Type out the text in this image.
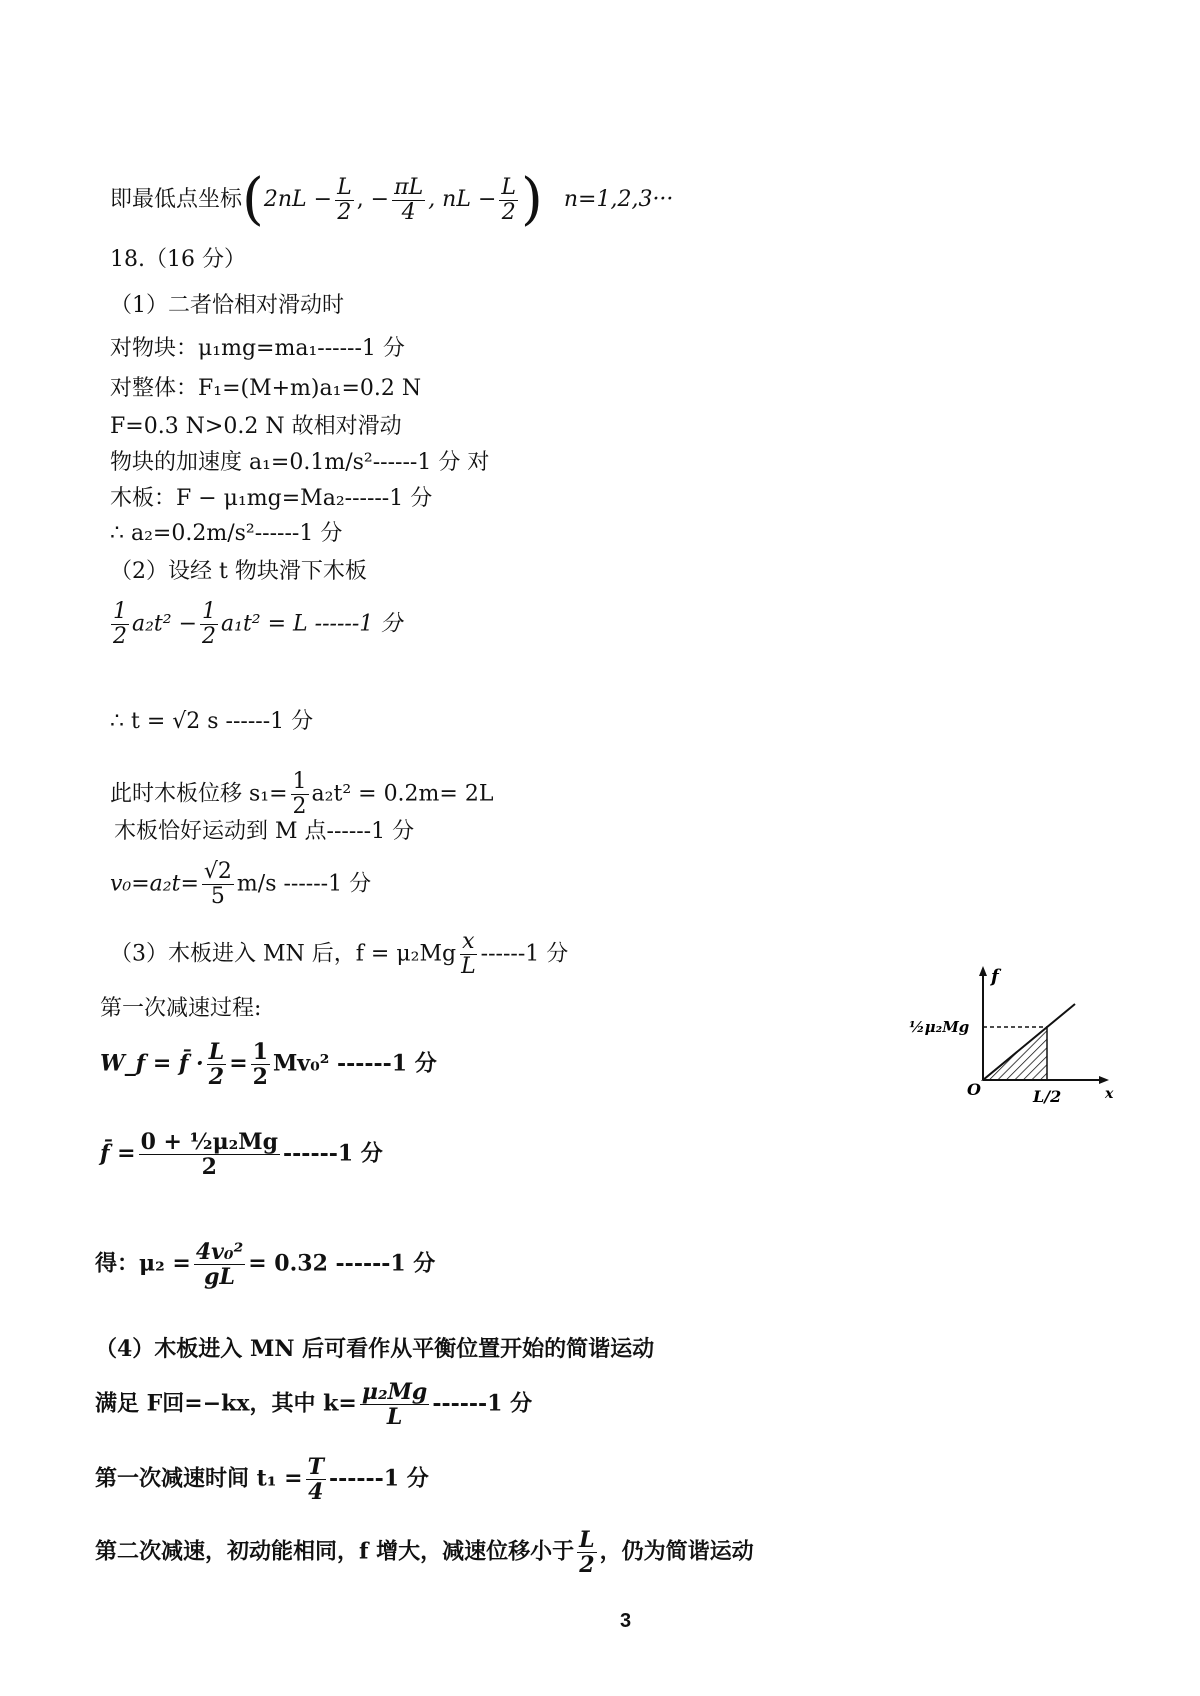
即最低点坐标($2nL - \frac{L}{2}$ , − $\frac{\pi L}{4}$ , nL − $\frac{L}{2}$ ) n=1,2,3···
18.（16 分）
（1）二者恰相对滑动时
对物块：μ₁mg=ma₁------1 分
对整体：F₁=(M+m)a₁=0.2 N
F=0.3 N>0.2 N 故相对滑动
物块的加速度 a₁=0.1m/s²------1 分 对
木板：F − μ₁mg=Ma₂------1 分
∴ a₂=0.2m/s²------1 分
（2）设经 t 物块滑下木板
$\frac{1}{2} a_2t^2 - \frac{1}{2} a_1t^2 = L$ ------1 分
∴ t = √2 s ------1 分
此时木板位移 $s_1= \frac{1}{2} a_2t^2 = 0.2m= 2L$
木板恰好运动到 M 点------1 分
$v_0=a_2t= \frac{√2}{5} m/s$ ------1 分
（3）木板进入 MN 后，$f = \mu_2Mg \frac{x}{L} ------1$ 分
第一次减速过程:
W_f = f̄ · $\frac{L}{2} = \frac{1}{2} Mv_0^2$ ------1 分
f̄ = $\frac{\text{0 + ½μ₂Mg}}{2} ------1$ 分
得：$\mu_2 = \frac{\text{4v₀²}}{gL} = 0.32$ ------1 分
（4）木板进入 MN 后可看作从平衡位置开始的简谐运动
满足 F回=−kx，其中 $k= \frac{\text{μ₂Mg}}{L} ------1$ 分
第一次减速时间 $t_1 = \frac{T}{4} ------1$ 分
第二次减速，初动能相同，f 增大，减速位移小于 $\frac{L}{2}$ ，仍为简谐运动
f
x
O
½μ₂Mg
L/2
3
